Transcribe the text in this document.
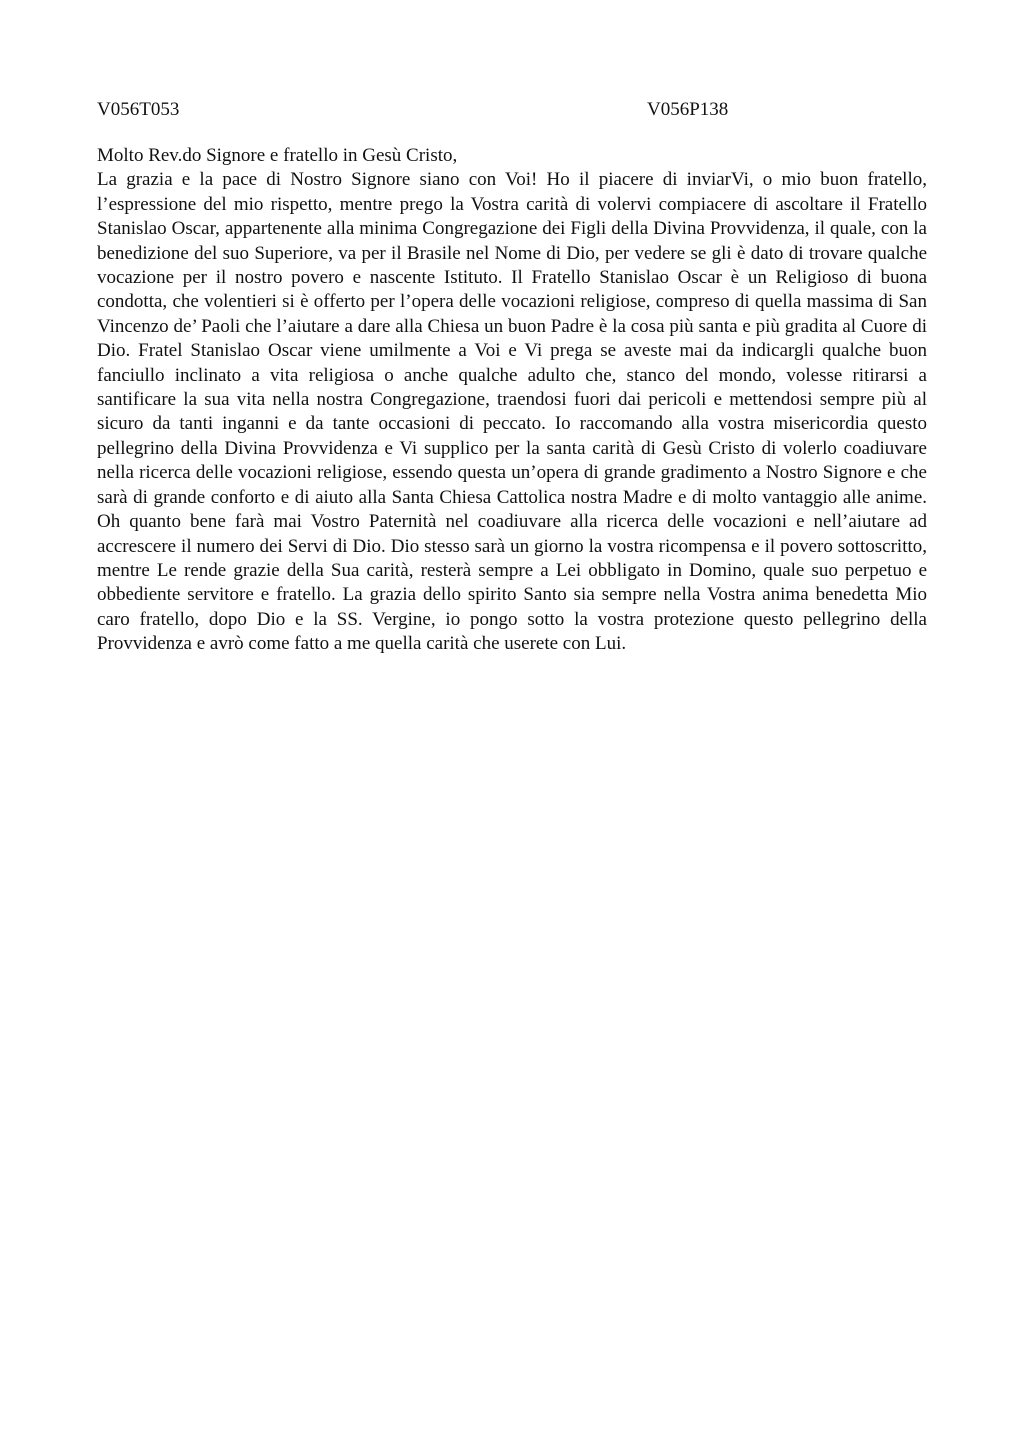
V056T053	V056P138
Molto Rev.do Signore e fratello in Gesù Cristo,

La grazia e la pace di Nostro Signore siano con Voi! Ho il piacere di inviarVi, o mio buon fratello, l’espressione del mio rispetto, mentre prego la Vostra carità di volervi compiacere di ascoltare il Fratello Stanislao Oscar, appartenente alla minima Congregazione dei Figli della Divina Provvidenza, il quale, con la benedizione del suo Superiore, va per il Brasile nel Nome di Dio, per vedere se gli è dato di trovare qualche vocazione per il nostro povero e nascente Istituto. Il Fratello Stanislao Oscar è un Religioso di buona condotta, che volentieri si è offerto per l’opera delle vocazioni religiose, compreso di quella massima di San Vincenzo de’ Paoli che l’aiutare a dare alla Chiesa un buon Padre è la cosa più santa e più gradita al Cuore di Dio. Fratel Stanislao Oscar viene umilmente a Voi e Vi prega se aveste mai da indicargli qualche buon fanciullo inclinato a vita religiosa o anche qualche adulto che, stanco del mondo, volesse ritirarsi a santificare la sua vita nella nostra Congregazione, traendosi fuori dai pericoli e mettendosi sempre più al sicuro da tanti inganni e da tante occasioni di peccato. Io raccomando alla vostra misericordia questo pellegrino della Divina Provvidenza e Vi supplico per la santa carità di Gesù Cristo di volerlo coadiuvare nella ricerca delle vocazioni religiose, essendo questa un’opera di grande gradimento a Nostro Signore e che sarà di grande conforto e di aiuto alla Santa Chiesa Cattolica nostra Madre e di molto vantaggio alle anime. Oh quanto bene farà mai Vostro Paternità nel coadiuvare alla ricerca delle vocazioni e nell’aiutare ad accrescere il numero dei Servi di Dio. Dio stesso sarà un giorno la vostra ricompensa e il povero sottoscritto, mentre Le rende grazie della Sua carità, resterà sempre a Lei obbligato in Domino, quale suo perpetuo e obbediente servitore e fratello. La grazia dello spirito Santo sia sempre nella Vostra anima benedetta Mio caro fratello, dopo Dio e la SS. Vergine, io pongo sotto la vostra protezione questo pellegrino della Provvidenza e avrò come fatto a me quella carità che userete con Lui.
